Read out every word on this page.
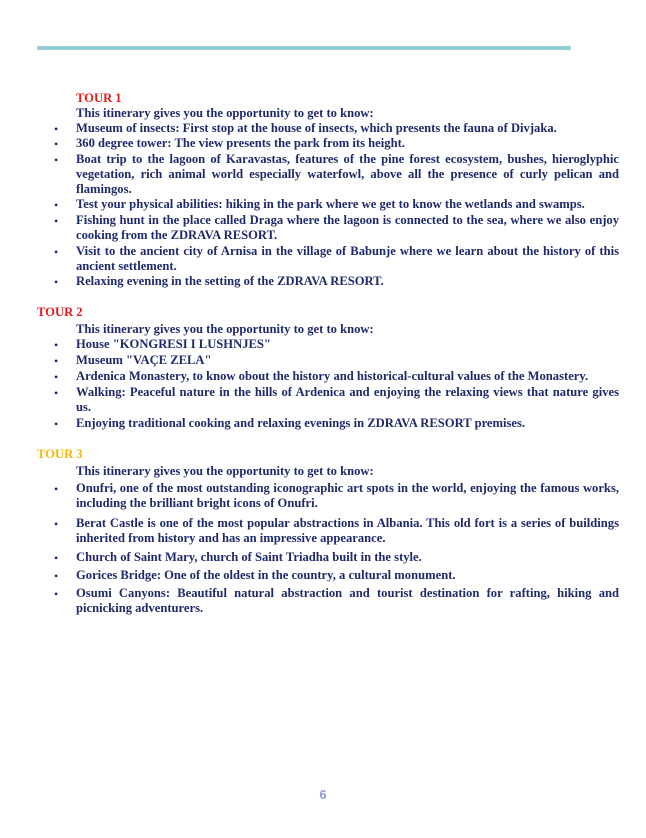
TOUR 1
This itinerary gives you the opportunity to get to know:
• Museum of insects: First stop at the house of insects, which presents the fauna of Divjaka.
• 360 degree tower: The view presents the park from its height.
• Boat trip to the lagoon of Karavastas, features of the pine forest ecosystem, bushes, hieroglyphic vegetation, rich animal world especially waterfowl, above all the presence of curly pelican and flamingos.
• Test your physical abilities: hiking in the park where we get to know the wetlands and swamps.
• Fishing hunt in the place called Draga where the lagoon is connected to the sea, where we also enjoy cooking from the ZDRAVA RESORT.
• Visit to the ancient city of Arnisa in the village of Babunje where we learn about the history of this ancient settlement.
• Relaxing evening in the setting of the ZDRAVA RESORT.
TOUR 2
This itinerary gives you the opportunity to get to know:
• House "KONGRESI I LUSHNJES"
• Museum "VAÇE ZELA"
• Ardenica Monastery, to know obout the history and historical-cultural values of the Monastery.
• Walking: Peaceful nature in the hills of Ardenica and enjoying the relaxing views that nature gives us.
• Enjoying traditional cooking and relaxing evenings in ZDRAVA RESORT premises.
TOUR 3
This itinerary gives you the opportunity to get to know:
• Onufri, one of the most outstanding iconographic art spots in the world, enjoying the famous works, including the brilliant bright icons of Onufri.
• Berat Castle is one of the most popular abstractions in Albania. This old fort is a series of buildings inherited from history and has an impressive appearance.
• Church of Saint Mary, church of Saint Triadha built in the style.
• Gorices Bridge: One of the oldest in the country, a cultural monument.
• Osumi Canyons: Beautiful natural abstraction and tourist destination for rafting, hiking and picnicking adventurers.
6
